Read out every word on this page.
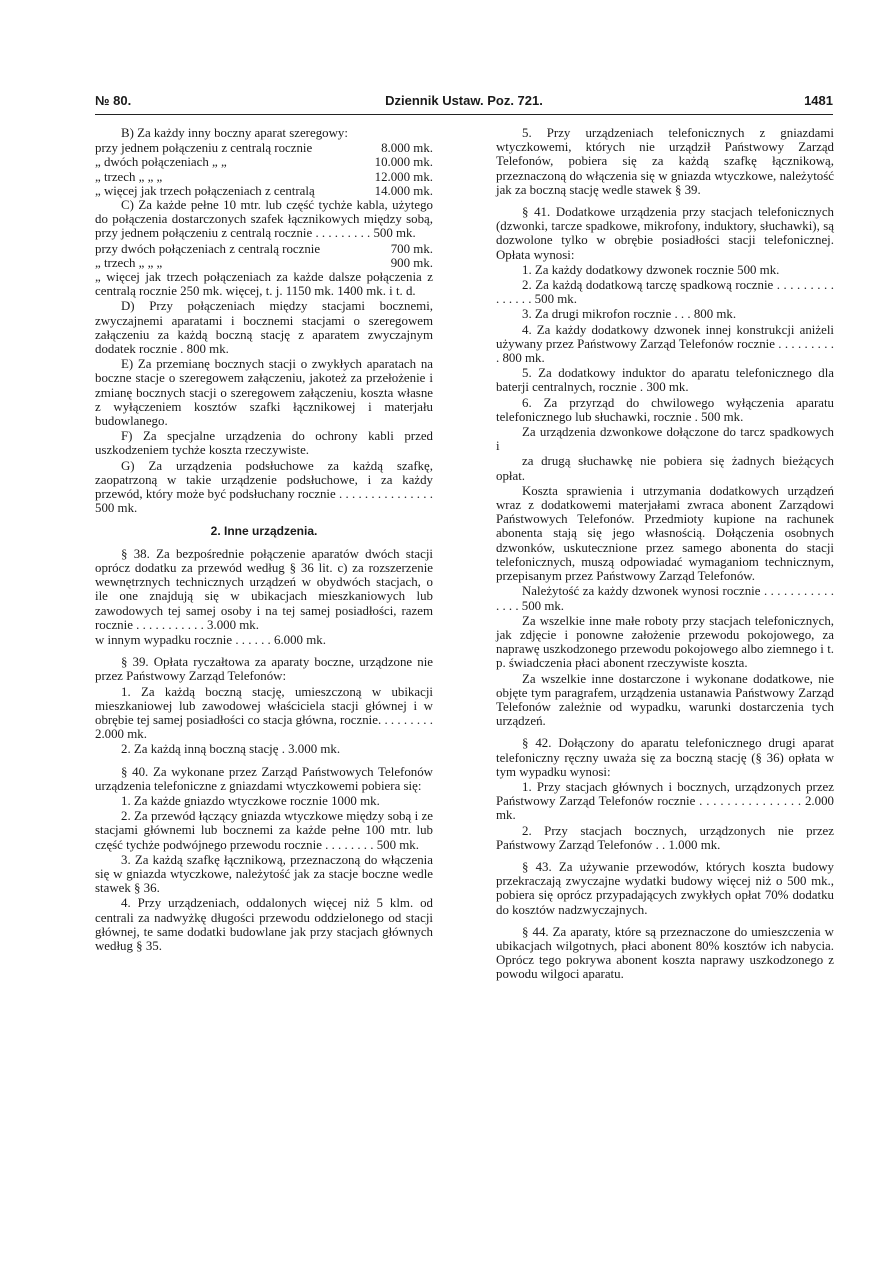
№ 80.	Dziennik Ustaw. Poz. 721.	1481

B) Za każdy inny boczny aparat szeregowy:

przy jednem połączeniu z centralą rocznie	8.000 mk.
„ dwóch połączeniach „ „	10.000 mk.
„ trzech „ „ „	12.000 mk.
„ więcej jak trzech połączeniach z centralą	14.000 mk.

C) Za każde pełne 10 mtr. lub część tychże kabla, użytego do połączenia dostarczonych szafek łącznikowych między sobą, przy jednem połączeniu z centralą rocznie . . . . . . . . . 500 mk.

przy dwóch połączeniach z centralą rocznie	700 mk.
„ trzech „ „ „	900 mk.

„ więcej jak trzech połączeniach za każde dalsze połączenia z centralą rocznie 250 mk. więcej, t. j. 1150 mk. 1400 mk. i t. d.

D) Przy połączeniach między stacjami bocznemi, zwyczajnemi aparatami i bocznemi stacjami o szeregowem załączeniu za każdą boczną stację z aparatem zwyczajnym dodatek rocznie . 800 mk.

E) Za przemianę bocznych stacji o zwykłych aparatach na boczne stacje o szeregowem załączeniu, jakoteż za przełożenie i zmianę bocznych stacji o szeregowem załączeniu, koszta własne z wyłączeniem kosztów szafki łącznikowej i materjału budowlanego.

F) Za specjalne urządzenia do ochrony kabli przed uszkodzeniem tychże koszta rzeczywiste.

G) Za urządzenia podsłuchowe za każdą szafkę, zaopatrzoną w takie urządzenie podsłuchowe, i za każdy przewód, który może być podsłuchany rocznie . . . . . . . . . . . . . . . 500 mk.

2. Inne urządzenia.

§ 38. Za bezpośrednie połączenie aparatów dwóch stacji oprócz dodatku za przewód według § 36 lit. c) za rozszerzenie wewnętrznych technicznych urządzeń w obydwóch stacjach, o ile one znajdują się w ubikacjach mieszkaniowych lub zawodowych tej samej osoby i na tej samej posiadłości, razem rocznie . . . . . . . . . . . 3.000 mk.

w innym wypadku rocznie . . . . . . 6.000 mk.

§ 39. Opłata ryczałtowa za aparaty boczne, urządzone nie przez Państwowy Zarząd Telefonów:

1. Za każdą boczną stację, umieszczoną w ubikacji mieszkaniowej lub zawodowej właściciela stacji głównej i w obrębie tej samej posiadłości co stacja główna, rocznie. . . . . . . . . 2.000 mk.

2. Za każdą inną boczną stację . 3.000 mk.

§ 40. Za wykonane przez Zarząd Państwowych Telefonów urządzenia telefoniczne z gniazdami wtyczkowemi pobiera się:

1. Za każde gniazdo wtyczkowe rocznie 1000 mk.

2. Za przewód łączący gniazda wtyczkowe między sobą i ze stacjami głównemi lub bocznemi za każde pełne 100 mtr. lub część tychże podwójnego przewodu rocznie . . . . . . . . 500 mk.

3. Za każdą szafkę łącznikową, przeznaczoną do włączenia się w gniazda wtyczkowe, należytość jak za stacje boczne wedle stawek § 36.

4. Przy urządzeniach, oddalonych więcej niż 5 klm. od centrali za nadwyżkę długości przewodu oddzielonego od stacji głównej, te same dodatki budowlane jak przy stacjach głównych według § 35.

5. Przy urządzeniach telefonicznych z gniazdami wtyczkowemi, których nie urządził Państwowy Zarząd Telefonów, pobiera się za każdą szafkę łącznikową, przeznaczoną do włączenia się w gniazda wtyczkowe, należytość jak za boczną stację wedle stawek § 39.

§ 41. Dodatkowe urządzenia przy stacjach telefonicznych (dzwonki, tarcze spadkowe, mikrofony, induktory, słuchawki), są dozwolone tylko w obrębie posiadłości stacji telefonicznej. Opłata wynosi:

1. Za każdy dodatkowy dzwonek rocznie 500 mk.

2. Za każdą dodatkową tarczę spadkową rocznie . . . . . . . . . . . . . . . 500 mk.

3. Za drugi mikrofon rocznie . . . 800 mk.

4. Za każdy dodatkowy dzwonek innej konstrukcji aniżeli używany przez Państwowy Zarząd Telefonów rocznie . . . . . . . . . . 800 mk.

5. Za dodatkowy induktor do aparatu telefonicznego dla baterji centralnych, rocznie . 300 mk.

6. Za przyrząd do chwilowego wyłączenia aparatu telefonicznego lub słuchawki, rocznie . 500 mk.

Za urządzenia dzwonkowe dołączone do tarcz spadkowych i

za drugą słuchawkę nie pobiera się żadnych bieżących opłat.

Koszta sprawienia i utrzymania dodatkowych urządzeń wraz z dodatkowemi materjałami zwraca abonent Zarządowi Państwowych Telefonów. Przedmioty kupione na rachunek abonenta stają się jego własnością. Dołączenia osobnych dzwonków, uskutecznione przez samego abonenta do stacji telefonicznych, muszą odpowiadać wymaganiom technicznym, przepisanym przez Państwowy Zarząd Telefonów.

Należytość za każdy dzwonek wynosi rocznie . . . . . . . . . . . . . . . 500 mk.

Za wszelkie inne małe roboty przy stacjach telefonicznych, jak zdjęcie i ponowne założenie przewodu pokojowego, za naprawę uszkodzonego przewodu pokojowego albo ziemnego i t. p. świadczenia płaci abonent rzeczywiste koszta.

Za wszelkie inne dostarczone i wykonane dodatkowe, nie objęte tym paragrafem, urządzenia ustanawia Państwowy Zarząd Telefonów zależnie od wypadku, warunki dostarczenia tych urządzeń.

§ 42. Dołączony do aparatu telefonicznego drugi aparat telefoniczny ręczny uważa się za boczną stację (§ 36) opłata w tym wypadku wynosi:

1. Przy stacjach głównych i bocznych, urządzonych przez Państwowy Zarząd Telefonów rocznie . . . . . . . . . . . . . . . 2.000 mk.

2. Przy stacjach bocznych, urządzonych nie przez Państwowy Zarząd Telefonów . . 1.000 mk.

§ 43. Za używanie przewodów, których koszta budowy przekraczają zwyczajne wydatki budowy więcej niż o 500 mk., pobiera się oprócz przypadających zwykłych opłat 70% dodatku do kosztów nadzwyczajnych.

§ 44. Za aparaty, które są przeznaczone do umieszczenia w ubikacjach wilgotnych, płaci abonent 80% kosztów ich nabycia. Oprócz tego pokrywa abonent koszta naprawy uszkodzonego z powodu wilgoci aparatu.
